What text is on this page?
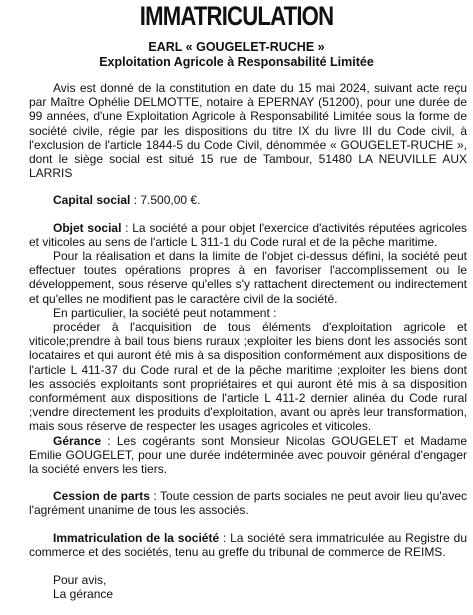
IMMATRICULATION
EARL « GOUGELET-RUCHE »
Exploitation Agricole à Responsabilité Limitée

Avis est donné de la constitution en date du 15 mai 2024, suivant acte reçu par Maître Ophélie DELMOTTE, notaire à EPERNAY (51200), pour une durée de 99 années, d'une Exploitation Agricole à Responsabilité Limitée sous la forme de société civile, régie par les dispositions du titre IX du livre III du Code civil, à l'exclusion de l'article 1844-5 du Code Civil, dénommée « GOUGELET-RUCHE », dont le siège social est situé 15 rue de Tambour, 51480 LA NEUVILLE AUX LARRIS

Capital social : 7.500,00 €.

Objet social : La société a pour objet l'exercice d'activités réputées agricoles et viticoles au sens de l'article L 311-1 du Code rural et de la pêche maritime.

Pour la réalisation et dans la limite de l'objet ci-dessus défini, la société peut effectuer toutes opérations propres à en favoriser l'accomplissement ou le développement, sous réserve qu'elles s'y rattachent directement ou indirectement et qu'elles ne modifient pas le caractère civil de la société.

En particulier, la société peut notamment :

procéder à l'acquisition de tous éléments d'exploitation agricole et viticole;prendre à bail tous biens ruraux ;exploiter les biens dont les associés sont locataires et qui auront été mis à sa disposition conformément aux dispositions de l'article L 411-37 du Code rural et de la pêche maritime ;exploiter les biens dont les associés exploitants sont propriétaires et qui auront été mis à sa disposition conformément aux dispositions de l'article L 411-2 dernier alinéa du Code rural ;vendre directement les produits d'exploitation, avant ou après leur transformation, mais sous réserve de respecter les usages agricoles et viticoles.

Gérance : Les cogérants sont Monsieur Nicolas GOUGELET et Madame Emilie GOUGELET, pour une durée indéterminée avec pouvoir général d'engager la société envers les tiers.

Cession de parts : Toute cession de parts sociales ne peut avoir lieu qu'avec l'agrément unanime de tous les associés.

Immatriculation de la société : La société sera immatriculée au Registre du commerce et des sociétés, tenu au greffe du tribunal de commerce de REIMS.

Pour avis,

La gérance
